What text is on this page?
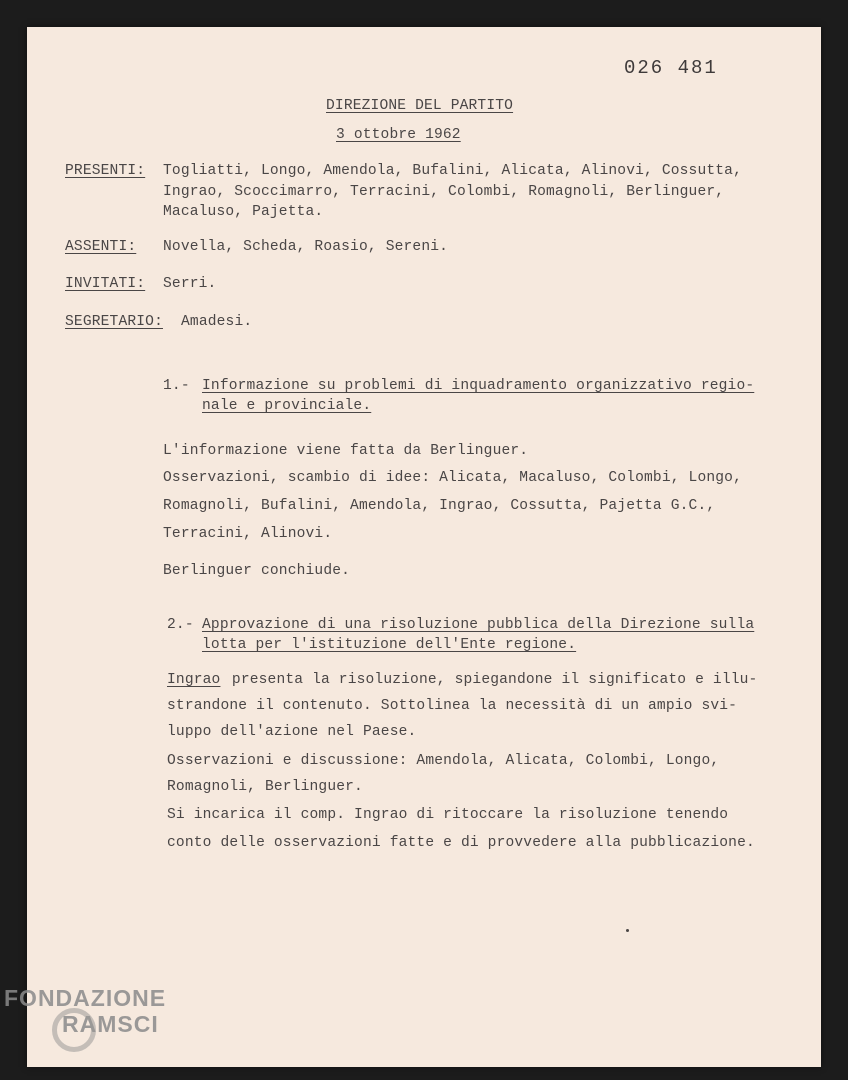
026 481
DIREZIONE DEL PARTITO
3 ottobre 1962
PRESENTI: Togliatti, Longo, Amendola, Bufalini, Alicata, Alinovi, Cossutta,
Ingrao, Scoccimarro, Terracini, Colombi, Romagnoli, Berlinguer,
Macaluso, Pajetta.
ASSENTI: Novella, Scheda, Roasio, Sereni.
INVITATI: Serri.
SEGRETARIO: Amadesi.
1.- Informazione su problemi di inquadramento organizzativo regio-
nale e provinciale.
L'informazione viene fatta da Berlinguer.
Osservazioni, scambio di idee: Alicata, Macaluso, Colombi, Longo,
Romagnoli, Bufalini, Amendola, Ingrao, Cossutta, Pajetta G.C.,
Terracini, Alinovi.
Berlinguer conchiude.
2.- Approvazione di una risoluzione pubblica della Direzione sulla
lotta per l'istituzione dell'Ente regione.
Ingrao presenta la risoluzione, spiegandone il significato e illu-
strandone il contenuto. Sottolinea la necessità di un ampio svi-
luppo dell'azione nel Paese.
Osservazioni e discussione: Amendola, Alicata, Colombi, Longo,
Romagnoli, Berlinguer.
Si incarica il comp. Ingrao di ritoccare la risoluzione tenendo
conto delle osservazioni fatte e di provvedere alla pubblicazione.
FONDAZIONE
RAMSCI
